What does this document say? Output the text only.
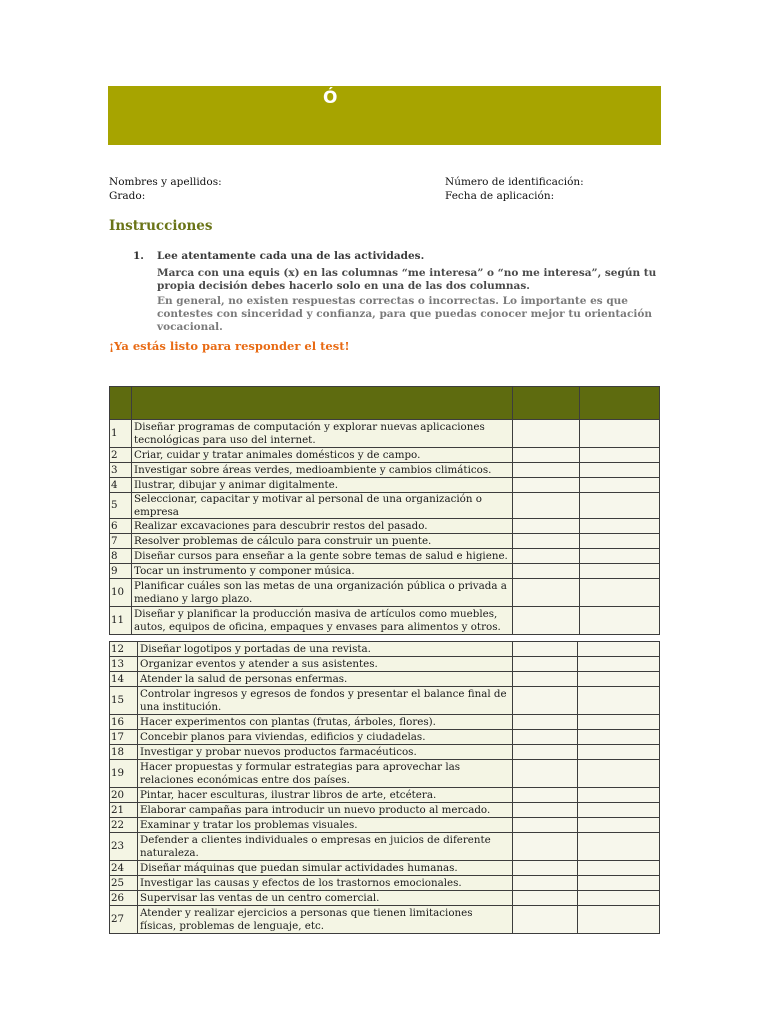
Ó
Nombres y apellidos:
Grado:
Número de identificación:
Fecha de aplicación:
Instrucciones
1. Lee atentamente cada una de las actividades.
Marca con una equis (x) en las columnas “me interesa” o “no me interesa”, según tu propia decisión debes hacerlo solo en una de las dos columnas.
En general, no existen respuestas correctas o incorrectas. Lo importante es que contestes con sinceridad y confianza, para que puedas conocer mejor tu orientación vocacional.
¡Ya estás listo para responder el test!

1	Diseñar programas de computación y explorar nuevas aplicaciones tecnológicas para uso del internet.		
2	Criar, cuidar y tratar animales domésticos y de campo.		
3	Investigar sobre áreas verdes, medioambiente y cambios climáticos.		
4	Ilustrar, dibujar y animar digitalmente.		
5	Seleccionar, capacitar y motivar al personal de una organización o empresa		
6	Realizar excavaciones para descubrir restos del pasado.		
7	Resolver problemas de cálculo para construir un puente.		
8	Diseñar cursos para enseñar a la gente sobre temas de salud e higiene.		
9	Tocar un instrumento y componer música.		
10	Planificar cuáles son las metas de una organización pública o privada a mediano y largo plazo.		
11	Diseñar y planificar la producción masiva de artículos como muebles, autos, equipos de oficina, empaques y envases para alimentos y otros.		
12	Diseñar logotipos y portadas de una revista.		
13	Organizar eventos y atender a sus asistentes.		
14	Atender la salud de personas enfermas.		
15	Controlar ingresos y egresos de fondos y presentar el balance final de una institución.		
16	Hacer experimentos con plantas (frutas, árboles, flores).		
17	Concebir planos para viviendas, edificios y ciudadelas.		
18	Investigar y probar nuevos productos farmacéuticos.		
19	Hacer propuestas y formular estrategias para aprovechar las relaciones económicas entre dos países.		
20	Pintar, hacer esculturas, ilustrar libros de arte, etcétera.		
21	Elaborar campañas para introducir un nuevo producto al mercado.		
22	Examinar y tratar los problemas visuales.		
23	Defender a clientes individuales o empresas en juicios de diferente naturaleza.		
24	Diseñar máquinas que puedan simular actividades humanas.		
25	Investigar las causas y efectos de los trastornos emocionales.		
26	Supervisar las ventas de un centro comercial.		
27	Atender y realizar ejercicios a personas que tienen limitaciones físicas, problemas de lenguaje, etc.		
